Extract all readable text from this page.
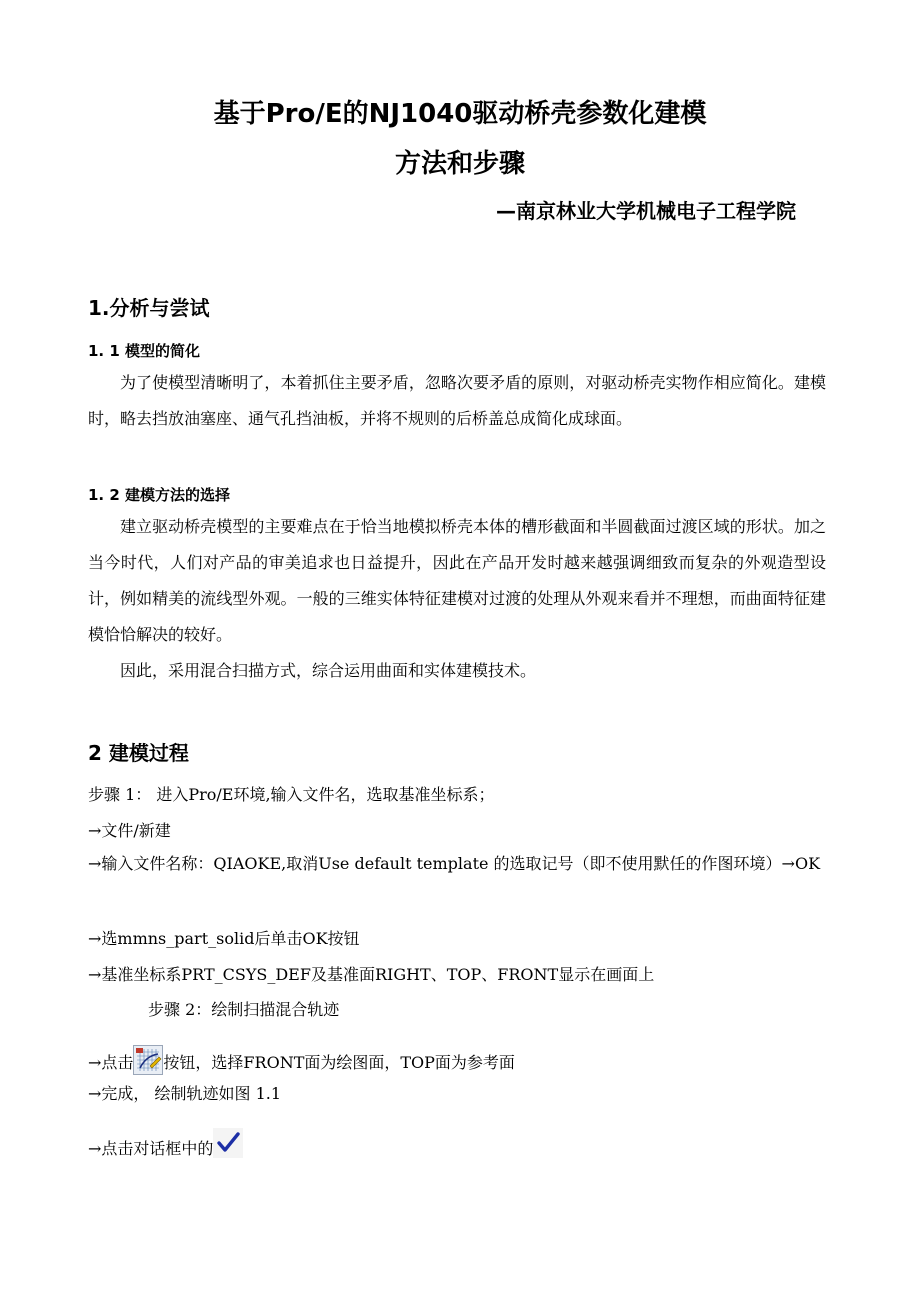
基于Pro/E的NJ1040驱动桥壳参数化建模
方法和步骤
—南京林业大学机械电子工程学院
1.分析与尝试
1. 1 模型的简化

为了使模型清晰明了，本着抓住主要矛盾，忽略次要矛盾的原则，对驱动桥壳实物作相应简化。建模时，略去挡放油塞座、通气孔挡油板，并将不规则的后桥盖总成简化成球面。

1. 2 建模方法的选择

建立驱动桥壳模型的主要难点在于恰当地模拟桥壳本体的槽形截面和半圆截面过渡区域的形状。加之当今时代，人们对产品的审美追求也日益提升，因此在产品开发时越来越强调细致而复杂的外观造型设计，例如精美的流线型外观。一般的三维实体特征建模对过渡的处理从外观来看并不理想，而曲面特征建模恰恰解决的较好。

因此，采用混合扫描方式，综合运用曲面和实体建模技术。

2 建模过程
步骤 1： 进入Pro/E环境,输入文件名，选取基准坐标系；
→文件/新建

→输入文件名称：QIAOKE,取消Use default template 的选取记号（即不使用默任的作图环境）→OK

→选mmns_part_solid后单击OK按钮
→基准坐标系PRT_CSYS_DEF及基准面RIGHT、TOP、FRONT显示在画面上
步骤 2：绘制扫描混合轨迹
→点击 按钮，选择FRONT面为绘图面，TOP面为参考面
→完成， 绘制轨迹如图 1.1
→点击对话框中的
